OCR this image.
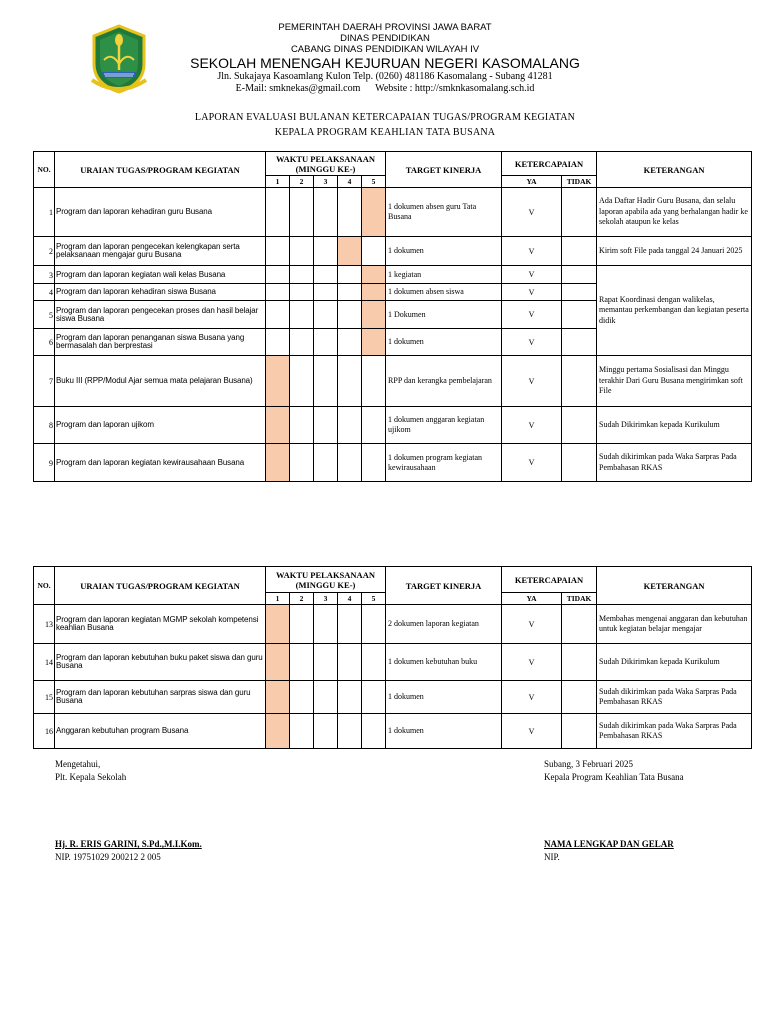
PEMERINTAH DAERAH PROVINSI JAWA BARAT
DINAS PENDIDIKAN
CABANG DINAS PENDIDIKAN WILAYAH IV
SEKOLAH MENENGAH KEJURUAN NEGERI KASOMALANG
Jln. Sukajaya Kasoamlang Kulon Telp. (0260) 481186 Kasomalang - Subang 41281
E-Mail: smknekas@gmail.com      Website : http://smknkasomalang.sch.id
LAPORAN EVALUASI BULANAN KETERCAPAIAN TUGAS/PROGRAM KEGIATAN
KEPALA PROGRAM KEAHLIAN TATA BUSANA
NO.	URAIAN TUGAS/PROGRAM KEGIATAN	WAKTU PELAKSANAAN
(MINGGU KE-)					TARGET KINERJA	KETERCAPAIAN		KETERANGAN
		1	2	3	4	5		YA	TIDAK	
1	Program dan laporan kehadiran guru Busana						1 dokumen absen guru Tata Busana	V		Ada Daftar Hadir Guru Busana, dan selalu laporan apabila ada yang berhalangan hadir ke sekolah ataupun ke kelas
2	Program dan laporan pengecekan kelengkapan serta pelaksanaan mengajar guru Busana						1 dokumen	V		Kirim soft File pada tanggal 24 Januari 2025
3	Program dan laporan kegiatan wali kelas Busana						1 kegiatan	V		Rapat Koordinasi dengan walikelas, memantau perkembangan dan kegiatan peserta didik
4	Program dan laporan kehadiran siswa Busana						1 dokumen absen siswa	V		
5	Program dan laporan pengecekan proses dan hasil belajar siswa Busana						1 Dokumen	V		
6	Program dan laporan penanganan siswa Busana yang bermasalah dan berprestasi						1 dokumen	V		
7	Buku III (RPP/Modul Ajar semua mata pelajaran Busana)						RPP dan kerangka pembelajaran	V		Minggu pertama Sosialisasi dan Minggu terakhir Dari Guru Busana mengirimkan soft File
8	Program dan laporan ujikom						1 dokumen anggaran kegiatan ujikom	V		Sudah Dikirimkan kepada Kurikulum
9	Program dan laporan kegiatan kewirausahaan Busana						1 dokumen program kegiatan kewirausahaan	V		Sudah dikirimkan pada Waka Sarpras Pada Pembahasan RKAS
NO.	URAIAN TUGAS/PROGRAM KEGIATAN	WAKTU PELAKSANAAN
(MINGGU KE-)					TARGET KINERJA	KETERCAPAIAN		KETERANGAN
		1	2	3	4	5		YA	TIDAK	
13	Program dan laporan kegiatan MGMP sekolah kompetensi keahlian Busana						2 dokumen laporan kegiatan	V		Membahas mengenai anggaran dan kebutuhan untuk kegiatan belajar mengajar
14	Program dan laporan kebutuhan buku paket siswa dan guru Busana						1 dokumen kebutuhan buku	V		Sudah Dikirimkan kepada Kurikulum
15	Program dan laporan kebutuhan sarpras siswa dan guru Busana						1 dokumen	V		Sudah dikirimkan pada Waka Sarpras Pada Pembahasan RKAS
16	Anggaran kebutuhan program Busana						1 dokumen	V		Sudah dikirimkan pada Waka Sarpras Pada Pembahasan RKAS
Mengetahui,
Plt. Kepala Sekolah
Hj. R. ERIS GARINI, S.Pd.,M.I.Kom.
NIP. 19751029 200212 2 005
Subang, 3 Februari 2025
Kepala Program Keahlian Tata Busana
NAMA LENGKAP DAN GELAR
NIP.
